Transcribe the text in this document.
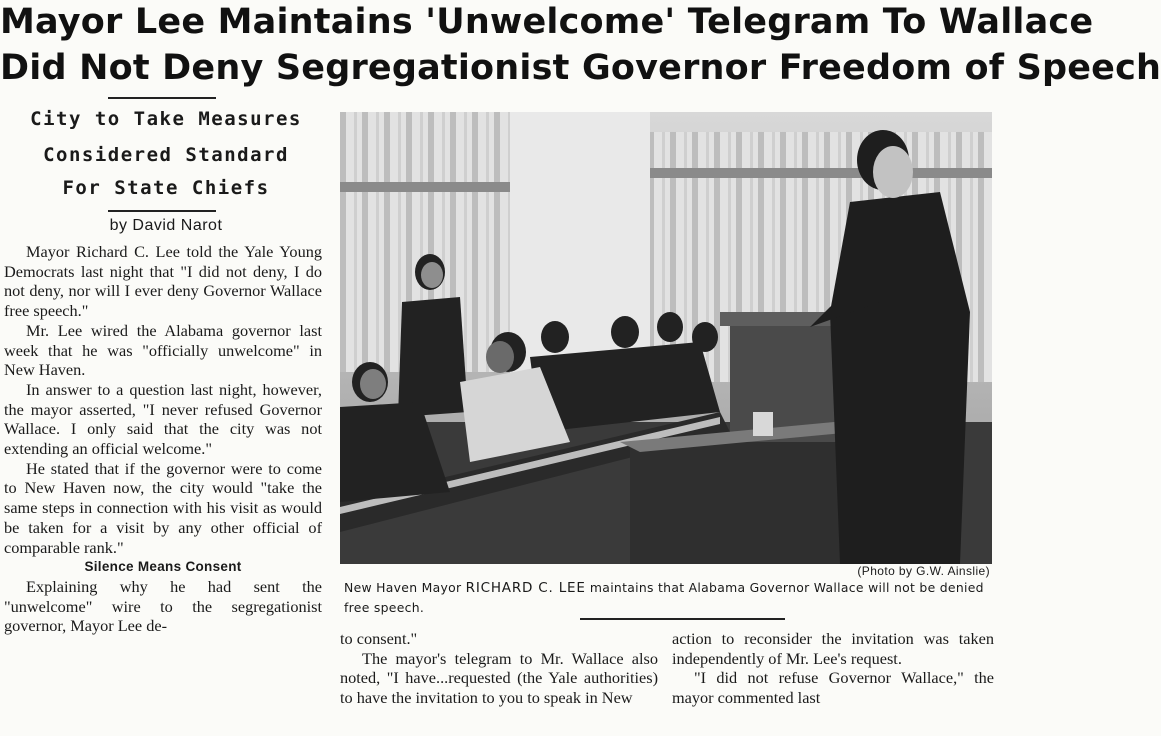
Mayor Lee Maintains 'Unwelcome' Telegram To Wallace
Did Not Deny Segregationist Governor Freedom of Speech
City to Take Measures
Considered Standard
For State Chiefs
by David Narot

Mayor Richard C. Lee told the Yale Young Democrats last night that "I did not deny, I do not deny, nor will I ever deny Governor Wallace free speech."

Mr. Lee wired the Alabama governor last week that he was "officially unwelcome" in New Haven.

In answer to a question last night, however, the mayor asserted, "I never refused Governor Wallace. I only said that the city was not extending an official welcome."

He stated that if the governor were to come to New Haven now, the city would "take the same steps in connection with his visit as would be taken for a visit by any other official of comparable rank."

Silence Means Consent

Explaining why he had sent the "unwelcome" wire to the segregationist governor, Mayor Lee de-

(Photo by G.W. Ainslie)
New Haven Mayor RICHARD C. LEE maintains that Alabama Governor Wallace will not be denied free speech.

to consent."

The mayor's telegram to Mr. Wallace also noted, "I have...requested (the Yale authorities) to have the invitation to you to speak in New

action to reconsider the invitation was taken independently of Mr. Lee's request.

"I did not refuse Governor Wallace," the mayor commented last
